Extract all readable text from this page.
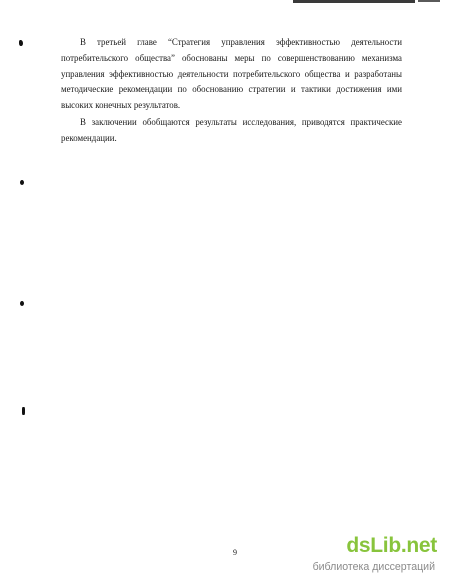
В третьей главе “Стратегия управления эффективностью деятельности потребительского общества” обоснованы меры по совершенствованию механизма управления эффективностью деятельности потребительского общества и разработаны методические рекомендации по обоснованию стратегии и тактики достижения ими высоких конечных результатов.

В заключении обобщаются результаты исследования, приводятся практические рекомендации.

9	dsLib.net
библиотека диссертаций
